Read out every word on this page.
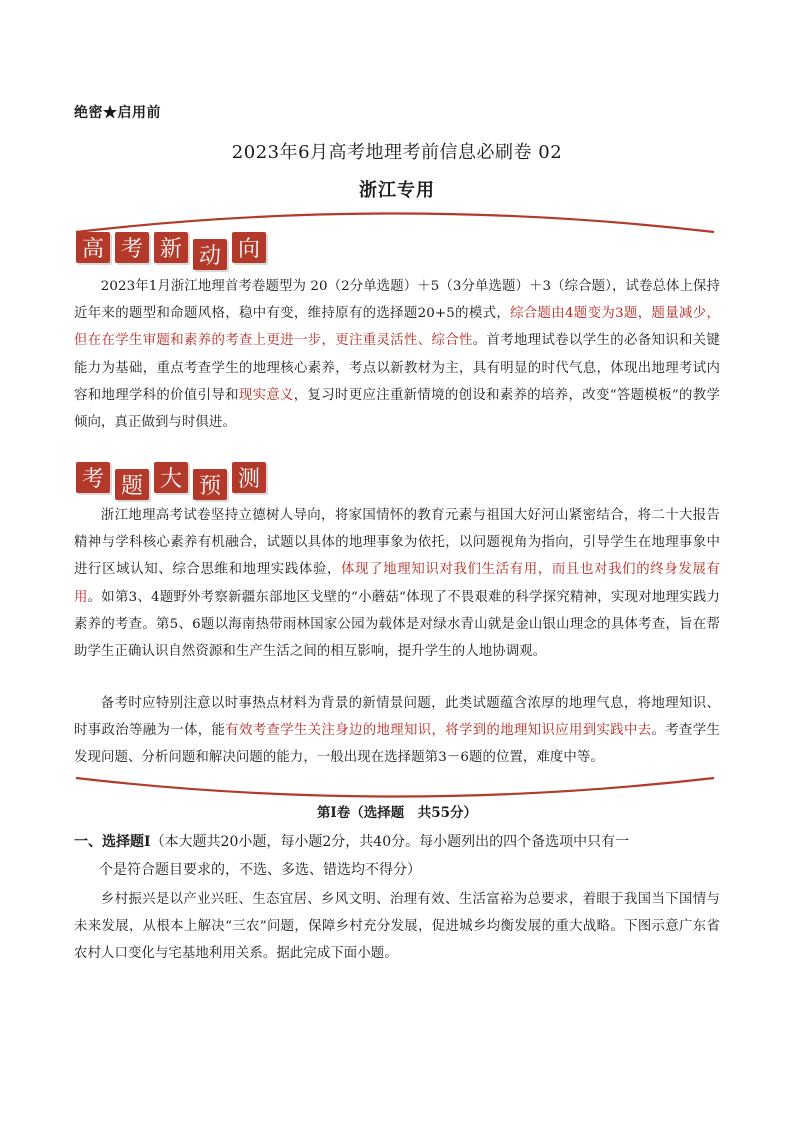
绝密★启用前
2023年6月高考地理考前信息必刷卷 02
浙江专用
高 考 新 动 向
2023年1月浙江地理首考卷题型为 20（2分单选题）＋5（3分单选题）＋3（综合题），试卷总体上保持近年来的题型和命题风格，稳中有变，维持原有的选择题20+5的模式，综合题由4题变为3题，题量减少，但在在学生审题和素养的考查上更进一步，更注重灵活性、综合性。首考地理试卷以学生的必备知识和关键能力为基础，重点考查学生的地理核心素养，考点以新教材为主，具有明显的时代气息，体现出地理考试内容和地理学科的价值引导和现实意义，复习时更应注重新情境的创设和素养的培养，改变“答题模板”的教学倾向，真正做到与时俱进。
考 题 大 预 测
浙江地理高考试卷坚持立德树人导向，将家国情怀的教育元素与祖国大好河山紧密结合，将二十大报告精神与学科核心素养有机融合，试题以具体的地理事象为依托，以问题视角为指向，引导学生在地理事象中进行区域认知、综合思维和地理实践体验，体现了地理知识对我们生活有用，而且也对我们的终身发展有用。如第3、4题野外考察新疆东部地区戈壁的“小蘑菇“体现了不畏艰难的科学探究精神，实现对地理实践力素养的考查。第5、6题以海南热带雨林国家公园为载体是对绿水青山就是金山银山理念的具体考查，旨在帮助学生正确认识自然资源和生产生活之间的相互影响，提升学生的人地协调观。
备考时应特别注意以时事热点材料为背景的新情景问题，此类试题蕴含浓厚的地理气息，将地理知识、时事政治等融为一体，能有效考查学生关注身边的地理知识，将学到的地理知识应用到实践中去。考查学生发现问题、分析问题和解决问题的能力，一般出现在选择题第3－6题的位置，难度中等。
第Ⅰ卷（选择题　共55分）
一、选择题Ⅰ（本大题共20小题，每小题2分，共40分。每小题列出的四个备选项中只有一
个是符合题目要求的，不选、多选、错选均不得分）
乡村振兴是以产业兴旺、生态宜居、乡风文明、治理有效、生活富裕为总要求，着眼于我国当下国情与未来发展，从根本上解决“三农”问题，保障乡村充分发展，促进城乡均衡发展的重大战略。下图示意广东省农村人口变化与宅基地利用关系。据此完成下面小题。
